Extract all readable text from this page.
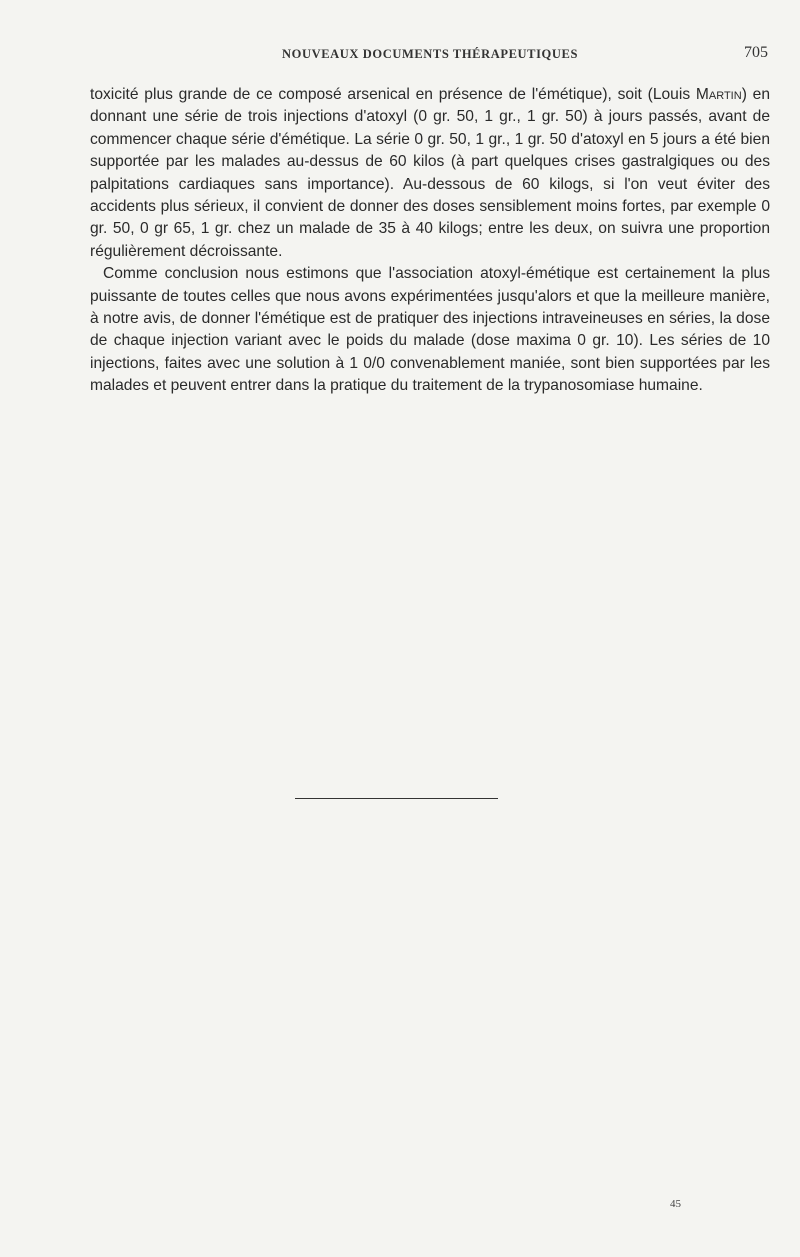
NOUVEAUX DOCUMENTS THÉRAPEUTIQUES	705

toxicité plus grande de ce composé arsenical en présence de l'émétique), soit (Louis Martin) en donnant une série de trois injections d'atoxyl (0 gr. 50, 1 gr., 1 gr. 50) à jours passés, avant de commencer chaque série d'émétique. La série 0 gr. 50, 1 gr., 1 gr. 50 d'atoxyl en 5 jours a été bien supportée par les malades au-dessus de 60 kilos (à part quelques crises gastralgiques ou des palpitations cardiaques sans importance). Au-dessous de 60 kilogs, si l'on veut éviter des accidents plus sérieux, il convient de donner des doses sensiblement moins fortes, par exemple 0 gr. 50, 0 gr 65, 1 gr. chez un malade de 35 à 40 kilogs; entre les deux, on suivra une proportion régulièrement décroissante.

Comme conclusion nous estimons que l'association atoxyl-émétique est certainement la plus puissante de toutes celles que nous avons expérimentées jusqu'alors et que la meilleure manière, à notre avis, de donner l'émétique est de pratiquer des injections intraveineuses en séries, la dose de chaque injection variant avec le poids du malade (dose maxima 0 gr. 10). Les séries de 10 injections, faites avec une solution à 1 0/0 convenablement maniée, sont bien supportées par les malades et peuvent entrer dans la pratique du traitement de la trypanosomiase humaine.

45
